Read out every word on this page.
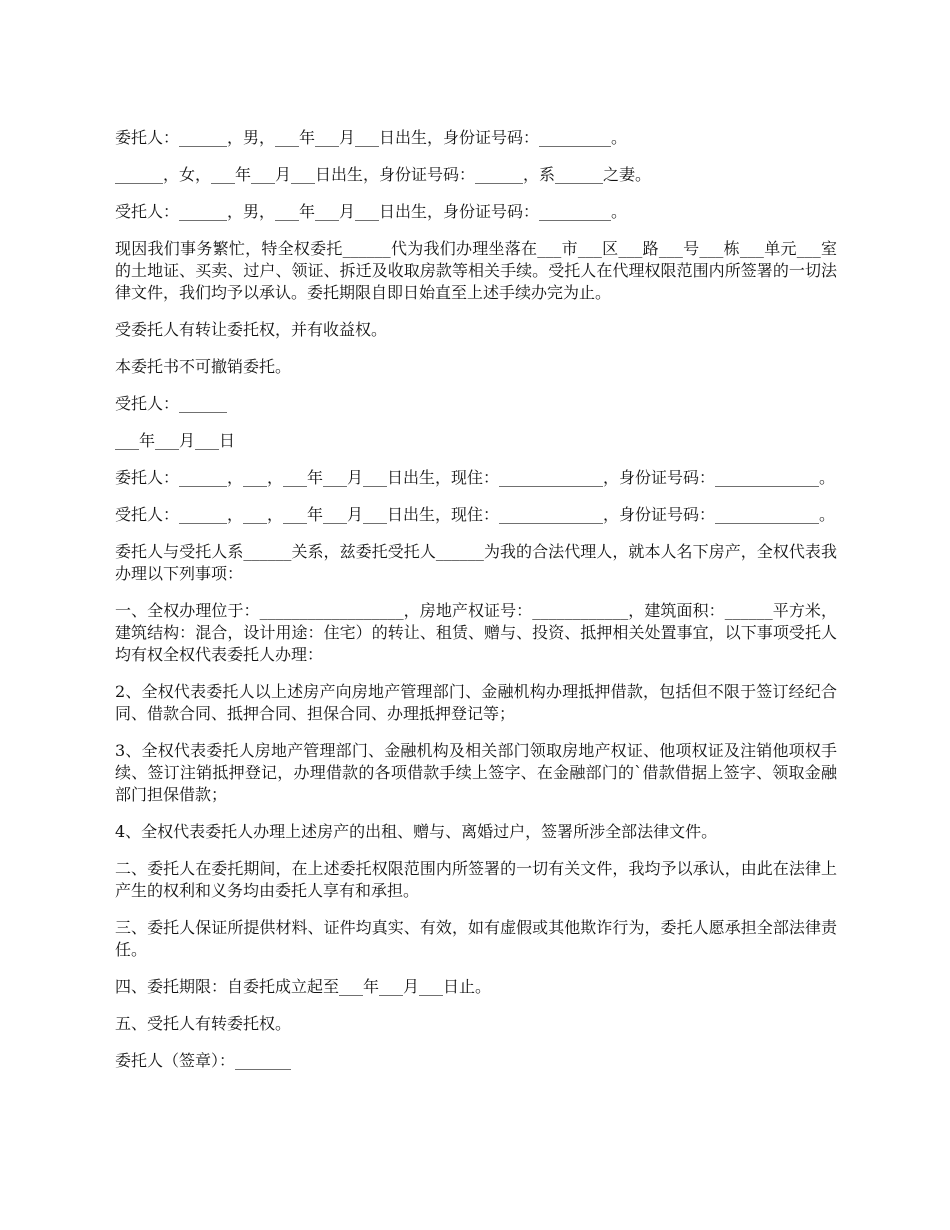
委托人：______，男，___年___月___日出生，身份证号码：_________。

______，女，___年___月___日出生，身份证号码：______，系______之妻。

受托人：______，男，___年___月___日出生，身份证号码：_________。

现因我们事务繁忙，特全权委托______代为我们办理坐落在___市___区___路___号___栋___单元___室的土地证、买卖、过户、领证、拆迁及收取房款等相关手续。受托人在代理权限范围内所签署的一切法律文件，我们均予以承认。委托期限自即日始直至上述手续办完为止。

受委托人有转让委托权，并有收益权。

本委托书不可撤销委托。

受托人：______

___年___月___日

委托人：______，___，___年___月___日出生，现住：_____________，身份证号码：_____________。

受托人：______，___，___年___月___日出生，现住：_____________，身份证号码：_____________。

委托人与受托人系______关系，兹委托受托人______为我的合法代理人，就本人名下房产，全权代表我办理以下列事项：

一、全权办理位于：__________________，房地产权证号：____________，建筑面积：______平方米，建筑结构：混合，设计用途：住宅）的转让、租赁、赠与、投资、抵押相关处置事宜，以下事项受托人均有权全权代表委托人办理：

2、全权代表委托人以上述房产向房地产管理部门、金融机构办理抵押借款，包括但不限于签订经纪合同、借款合同、抵押合同、担保合同、办理抵押登记等；

3、全权代表委托人房地产管理部门、金融机构及相关部门领取房地产权证、他项权证及注销他项权手续、签订注销抵押登记，办理借款的各项借款手续上签字、在金融部门的`借款借据上签字、领取金融部门担保借款；

4、全权代表委托人办理上述房产的出租、赠与、离婚过户，签署所涉全部法律文件。

二、委托人在委托期间，在上述委托权限范围内所签署的一切有关文件，我均予以承认，由此在法律上产生的权利和义务均由委托人享有和承担。

三、委托人保证所提供材料、证件均真实、有效，如有虚假或其他欺诈行为，委托人愿承担全部法律责任。

四、委托期限：自委托成立起至___年___月___日止。

五、受托人有转委托权。

委托人（签章）：_______
